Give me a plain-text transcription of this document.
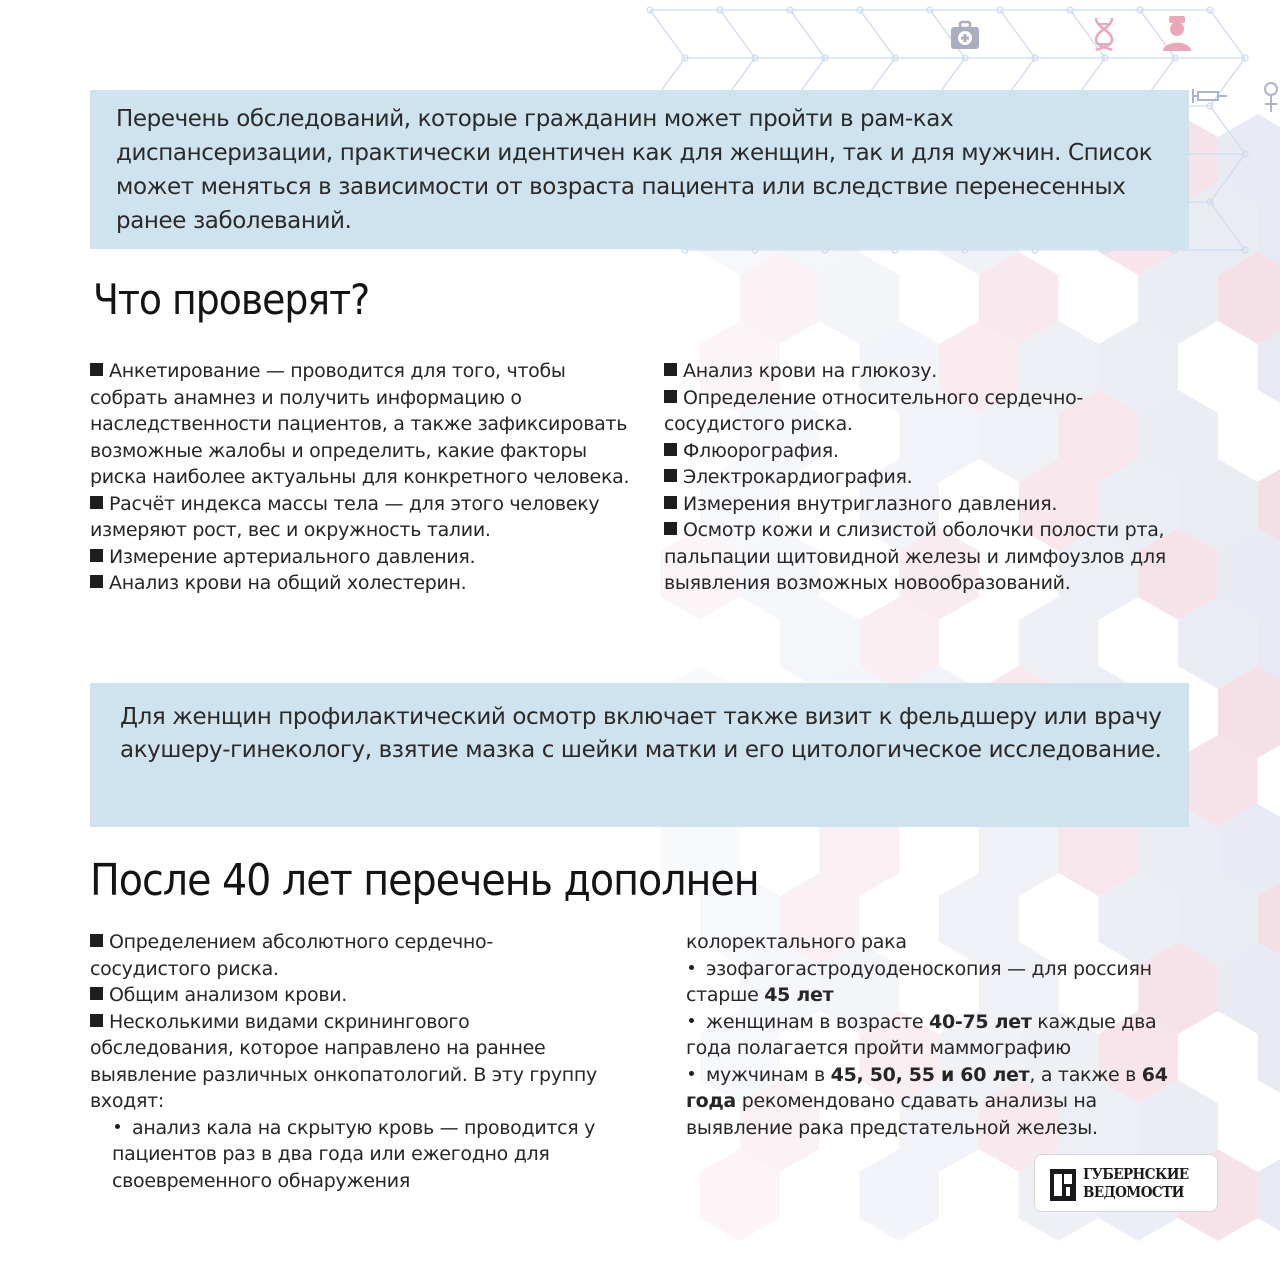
Перечень обследований, которые гражданин может пройти в рам-ках диспансеризации, практически идентичен как для женщин, так и для мужчин. Список может меняться в зависимости от возраста пациента или вследствие перенесенных ранее заболеваний.
Что проверят?
Анкетирование — проводится для того, чтобы собрать анамнез и получить информацию о наследственности пациентов, а также зафиксировать возможные жалобы и определить, какие факторы риска наиболее актуальны для конкретного человека.
Расчёт индекса массы тела — для этого человеку измеряют рост, вес и окружность талии.
Измерение артериального давления.
Анализ крови на общий холестерин.
Анализ крови на глюкозу.
Определение относительного сердечно-сосудистого риска.
Флюорография.
Электрокардиография.
Измерения внутриглазного давления.
Осмотр кожи и слизистой оболочки полости рта, пальпации щитовидной железы и лимфоузлов для выявления возможных новообразований.
Для женщин профилактический осмотр включает также визит к фельдшеру или врачу акушеру-гинекологу, взятие мазка с шейки матки и его цитологическое исследование.
После 40 лет перечень дополнен
Определением абсолютного сердечно-сосудистого риска.
Общим анализом крови.
Несколькими видами скринингового обследования, которое направлено на раннее выявление различных онкопатологий. В эту группу входят:
анализ кала на скрытую кровь — проводится у пациентов раз в два года или ежегодно для своевременного обнаружения
колоректального рака
эзофагогастродуоденоскопия — для россиян старше 45 лет
женщинам в возрасте 40-75 лет каждые два года полагается пройти маммографию
мужчинам в 45, 50, 55 и 60 лет, а также в 64 года рекомендовано сдавать анализы на выявление рака предстательной железы.
ГУБЕРНСКИЕ
ВЕДОМОСТИ
